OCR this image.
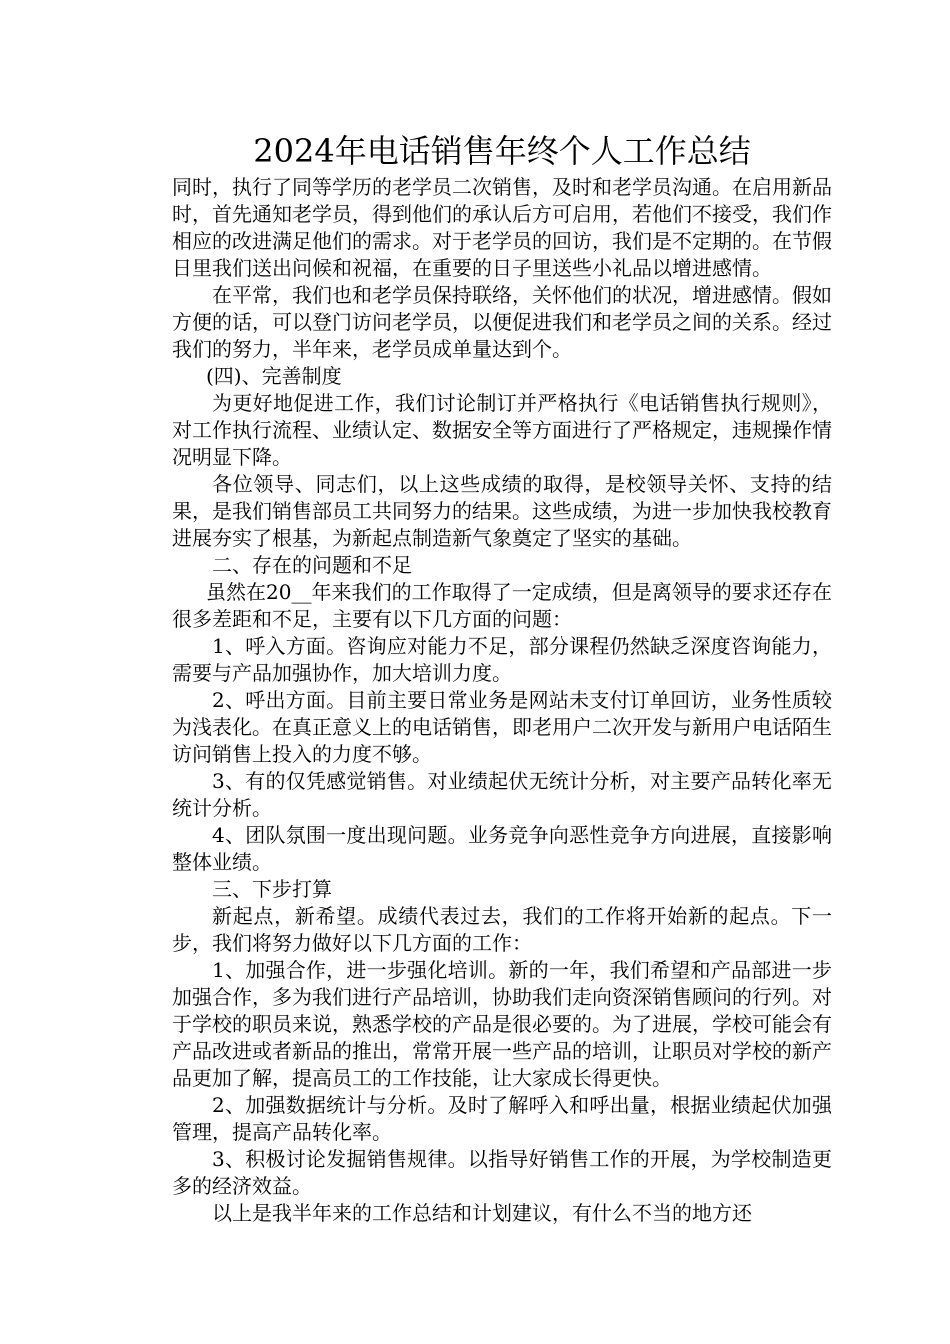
2024年电话销售年终个人工作总结

同时，执行了同等学历的老学员二次销售，及时和老学员沟通。在启用新品时，首先通知老学员，得到他们的承认后方可启用，若他们不接受，我们作相应的改进满足他们的需求。对于老学员的回访，我们是不定期的。在节假日里我们送出问候和祝福，在重要的日子里送些小礼品以增进感情。

在平常，我们也和老学员保持联络，关怀他们的状况，增进感情。假如方便的话，可以登门访问老学员，以便促进我们和老学员之间的关系。经过我们的努力，半年来，老学员成单量达到个。

(四)、完善制度

为更好地促进工作，我们讨论制订并严格执行《电话销售执行规则》，对工作执行流程、业绩认定、数据安全等方面进行了严格规定，违规操作情况明显下降。

各位领导、同志们，以上这些成绩的取得，是校领导关怀、支持的结果，是我们销售部员工共同努力的结果。这些成绩，为进一步加快我校教育进展夯实了根基，为新起点制造新气象奠定了坚实的基础。

二、存在的问题和不足

虽然在20__年来我们的工作取得了一定成绩，但是离领导的要求还存在很多差距和不足，主要有以下几方面的问题：

1、呼入方面。咨询应对能力不足，部分课程仍然缺乏深度咨询能力，需要与产品加强协作，加大培训力度。

2、呼出方面。目前主要日常业务是网站未支付订单回访，业务性质较为浅表化。在真正意义上的电话销售，即老用户二次开发与新用户电话陌生访问销售上投入的力度不够。

3、有的仅凭感觉销售。对业绩起伏无统计分析，对主要产品转化率无统计分析。

4、团队氛围一度出现问题。业务竞争向恶性竞争方向进展，直接影响整体业绩。

三、下步打算

新起点，新希望。成绩代表过去，我们的工作将开始新的起点。下一步，我们将努力做好以下几方面的工作：

1、加强合作，进一步强化培训。新的一年，我们希望和产品部进一步加强合作，多为我们进行产品培训，协助我们走向资深销售顾问的行列。对于学校的职员来说，熟悉学校的产品是很必要的。为了进展，学校可能会有产品改进或者新品的推出，常常开展一些产品的培训，让职员对学校的新产品更加了解，提高员工的工作技能，让大家成长得更快。

2、加强数据统计与分析。及时了解呼入和呼出量，根据业绩起伏加强管理，提高产品转化率。

3、积极讨论发掘销售规律。以指导好销售工作的开展，为学校制造更多的经济效益。

以上是我半年来的工作总结和计划建议，有什么不当的地方还
